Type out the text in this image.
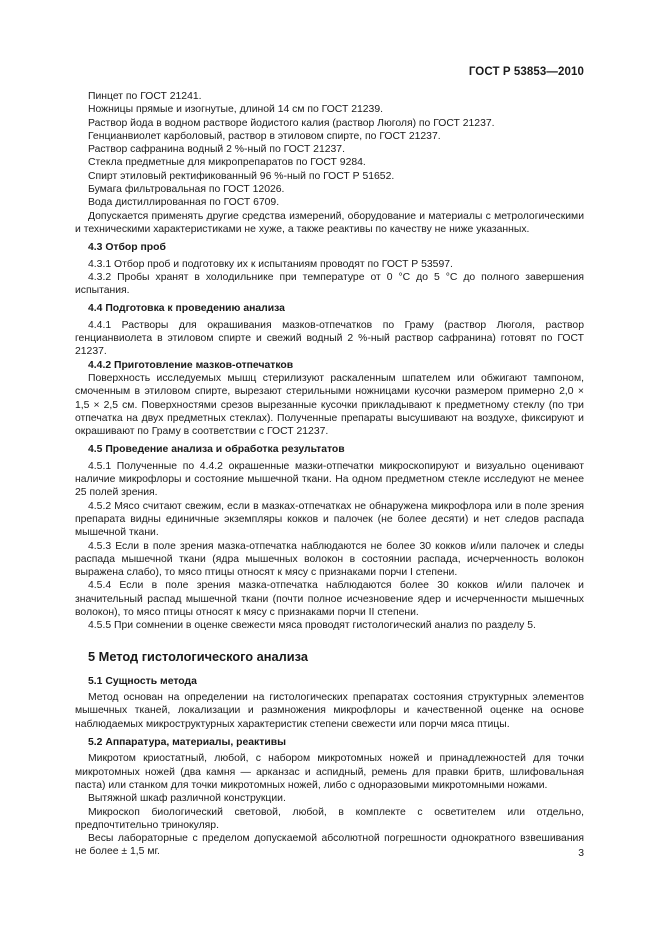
ГОСТ Р 53853—2010

Пинцет по ГОСТ 21241.

Ножницы прямые и изогнутые, длиной 14 см по ГОСТ 21239.

Раствор йода в водном растворе йодистого калия (раствор Люголя) по ГОСТ 21237.

Генцианвиолет карболовый, раствор в этиловом спирте, по ГОСТ 21237.

Раствор сафранина водный 2 %-ный по ГОСТ 21237.

Стекла предметные для микропрепаратов по ГОСТ 9284.

Спирт этиловый ректификованный 96 %-ный по ГОСТ Р 51652.

Бумага фильтровальная по ГОСТ 12026.

Вода дистиллированная по ГОСТ 6709.

Допускается применять другие средства измерений, оборудование и материалы с метрологическими и техническими характеристиками не хуже, а также реактивы по качеству не ниже указанных.

4.3 Отбор проб

4.3.1 Отбор проб и подготовку их к испытаниям проводят по ГОСТ Р 53597.

4.3.2 Пробы хранят в холодильнике при температуре от 0 °С до 5 °С до полного завершения испытания.

4.4 Подготовка к проведению анализа

4.4.1 Растворы для окрашивания мазков-отпечатков по Граму (раствор Люголя, раствор генцианвиолета в этиловом спирте и свежий водный 2 %-ный раствор сафранина) готовят по ГОСТ 21237.

4.4.2 Приготовление мазков-отпечатков

Поверхность исследуемых мышц стерилизуют раскаленным шпателем или обжигают тампоном, смоченным в этиловом спирте, вырезают стерильными ножницами кусочки размером примерно 2,0 × 1,5 × 2,5 см. Поверхностями срезов вырезанные кусочки прикладывают к предметному стеклу (по три отпечатка на двух предметных стеклах). Полученные препараты высушивают на воздухе, фиксируют и окрашивают по Граму в соответствии с ГОСТ 21237.

4.5 Проведение анализа и обработка результатов

4.5.1 Полученные по 4.4.2 окрашенные мазки-отпечатки микроскопируют и визуально оценивают наличие микрофлоры и состояние мышечной ткани. На одном предметном стекле исследуют не менее 25 полей зрения.

4.5.2 Мясо считают свежим, если в мазках-отпечатках не обнаружена микрофлора или в поле зрения препарата видны единичные экземпляры кокков и палочек (не более десяти) и нет следов распада мышечной ткани.

4.5.3 Если в поле зрения мазка-отпечатка наблюдаются не более 30 кокков и/или палочек и следы распада мышечной ткани (ядра мышечных волокон в состоянии распада, исчерченность волокон выражена слабо), то мясо птицы относят к мясу с признаками порчи I степени.

4.5.4 Если в поле зрения мазка-отпечатка наблюдаются более 30 кокков и/или палочек и значительный распад мышечной ткани (почти полное исчезновение ядер и исчерченности мышечных волокон), то мясо птицы относят к мясу с признаками порчи II степени.

4.5.5 При сомнении в оценке свежести мяса проводят гистологический анализ по разделу 5.

5 Метод гистологического анализа

5.1 Сущность метода

Метод основан на определении на гистологических препаратах состояния структурных элементов мышечных тканей, локализации и размножения микрофлоры и качественной оценке на основе наблюдаемых микроструктурных характеристик степени свежести или порчи мяса птицы.

5.2 Аппаратура, материалы, реактивы

Микротом криостатный, любой, с набором микротомных ножей и принадлежностей для точки микротомных ножей (два камня — арканзас и аспидный, ремень для правки бритв, шлифовальная паста) или станком для точки микротомных ножей, либо с одноразовыми микротомными ножами.

Вытяжной шкаф различной конструкции.

Микроскоп биологический световой, любой, в комплекте с осветителем или отдельно, предпочтительно тринокуляр.

Весы лабораторные с пределом допускаемой абсолютной погрешности однократного взвешивания не более ± 1,5 мг.	3
